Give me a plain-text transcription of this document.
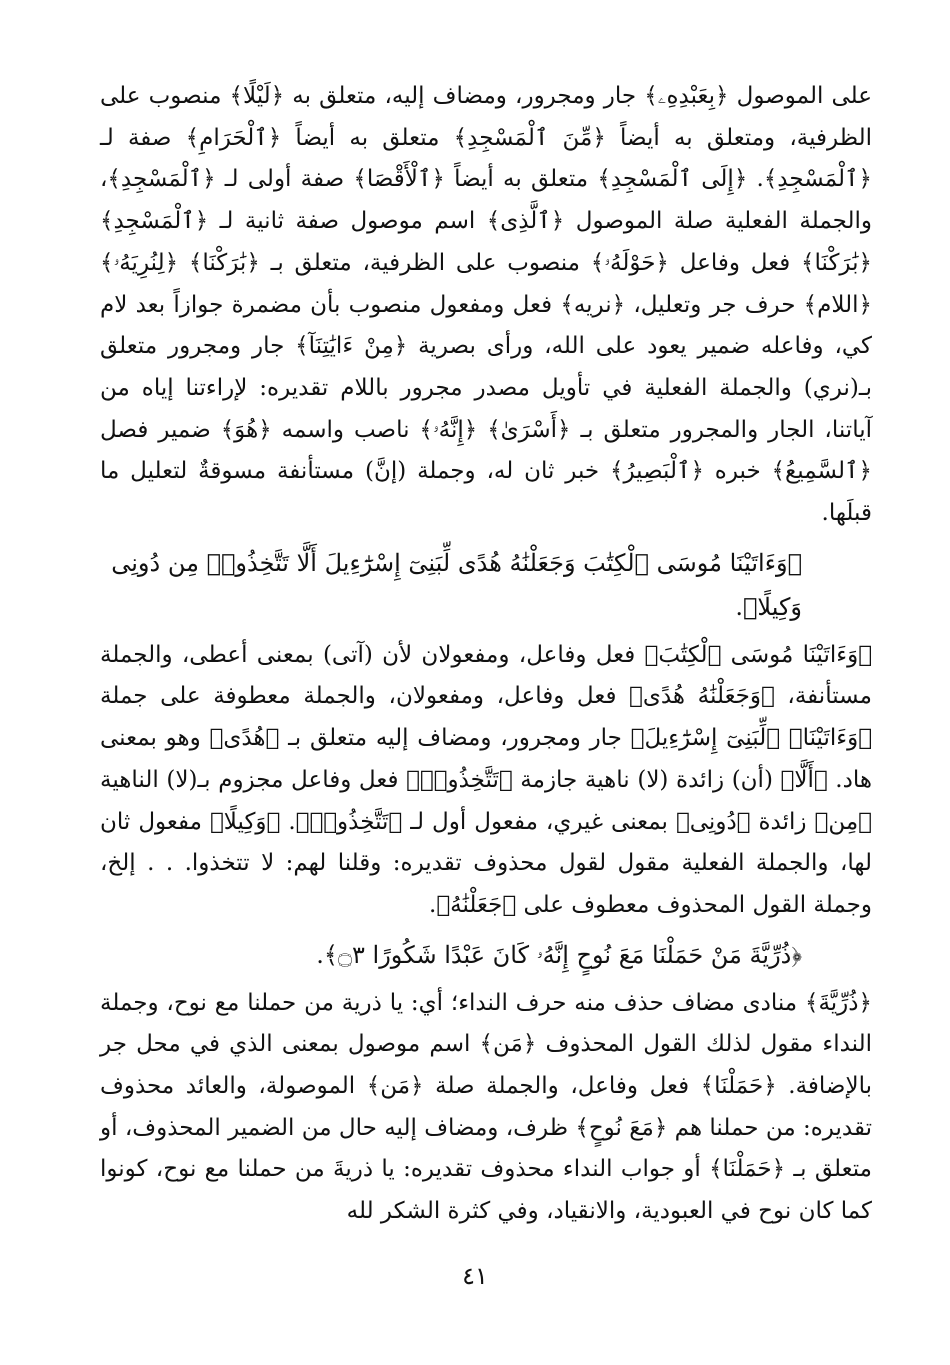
على الموصول ﴿بِعَبْدِهِۦ﴾ جار ومجرور، ومضاف إليه، متعلق به ﴿لَيْلًا﴾ منصوب على الظرفية، ومتعلق به أيضاً ﴿مِّنَ ٱلْمَسْجِدِ﴾ متعلق به أيضاً ﴿ٱلْحَرَامِ﴾ صفة لـ ﴿ٱلْمَسْجِدِ﴾. ﴿إِلَى ٱلْمَسْجِدِ﴾ متعلق به أيضاً ﴿ٱلْأَقْصَا﴾ صفة أولى لـ ﴿ٱلْمَسْجِدِ﴾، والجملة الفعلية صلة الموصول ﴿ٱلَّذِى﴾ اسم موصول صفة ثانية لـ ﴿ٱلْمَسْجِدِ﴾ ﴿بَٰرَكْنَا﴾ فعل وفاعل ﴿حَوْلَهُۥ﴾ منصوب على الظرفية، متعلق بـ ﴿بَٰرَكْنَا﴾ ﴿لِنُرِيَهُۥ﴾ ﴿اللام﴾ حرف جر وتعليل، ﴿نريه﴾ فعل ومفعول منصوب بأن مضمرة جوازاً بعد لام كي، وفاعله ضمير يعود على الله، ورأى بصرية ﴿مِنْ ءَايَٰتِنَآ﴾ جار ومجرور متعلق بـ(نري) والجملة الفعلية في تأويل مصدر مجرور باللام تقديره: لإراءتنا إياه من آياتنا، الجار والمجرور متعلق بـ ﴿أَسْرَىٰ﴾ ﴿إِنَّهُۥ﴾ ناصب واسمه ﴿هُوَ﴾ ضمير فصل ﴿ٱلسَّمِيعُ﴾ خبره ﴿ٱلْبَصِيرُ﴾ خبر ثان له، وجملة (إنَّ) مستأنفة مسوقةٌ لتعليل ما قبلَها.

﴿وَءَاتَيْنَا مُوسَى ٱلْكِتَٰبَ وَجَعَلْنَٰهُ هُدًى لِّبَنِىٓ إِسْرَٰٓءِيلَ أَلَّا تَتَّخِذُوا۟ مِن دُونِى وَكِيلًا﴾.

﴿وَءَاتَيْنَا مُوسَى ٱلْكِتَٰبَ﴾ فعل وفاعل، ومفعولان لأن (آتى) بمعنى أعطى، والجملة مستأنفة، ﴿وَجَعَلْنَٰهُ هُدًى﴾ فعل وفاعل، ومفعولان، والجملة معطوفة على جملة ﴿وَءَاتَيْنَا﴾ ﴿لِّبَنِىٓ إِسْرَٰٓءِيلَ﴾ جار ومجرور، ومضاف إليه متعلق بـ ﴿هُدًى﴾ وهو بمعنى هاد. ﴿أَلَّا﴾ (أن) زائدة (لا) ناهية جازمة ﴿تَتَّخِذُوا۟﴾ فعل وفاعل مجزوم بـ(لا) الناهية ﴿مِن﴾ زائدة ﴿دُونِى﴾ بمعنى غيري، مفعول أول لـ ﴿تَتَّخِذُوا۟﴾. ﴿وَكِيلًا﴾ مفعول ثان لها، والجملة الفعلية مقول لقول محذوف تقديره: وقلنا لهم: لا تتخذوا. . . إلخ، وجملة القول المحذوف معطوف على ﴿جَعَلْنَٰهُ﴾.

﴿ذُرِّيَّةَ مَنْ حَمَلْنَا مَعَ نُوحٍ إِنَّهُۥ كَانَ عَبْدًا شَكُورًا ۝٣﴾.

﴿ذُرِّيَّةَ﴾ منادى مضاف حذف منه حرف النداء؛ أي: يا ذرية من حملنا مع نوح، وجملة النداء مقول لذلك القول المحذوف ﴿مَن﴾ اسم موصول بمعنى الذي في محل جر بالإضافة. ﴿حَمَلْنَا﴾ فعل وفاعل، والجملة صلة ﴿مَن﴾ الموصولة، والعائد محذوف تقديره: من حملنا هم ﴿مَعَ نُوحٍ﴾ ظرف، ومضاف إليه حال من الضمير المحذوف، أو متعلق بـ ﴿حَمَلْنَا﴾ أو جواب النداء محذوف تقديره: يا ذريةَ من حملنا مع نوح، كونوا كما كان نوح في العبودية، والانقياد، وفي كثرة الشكر لله

٤١
